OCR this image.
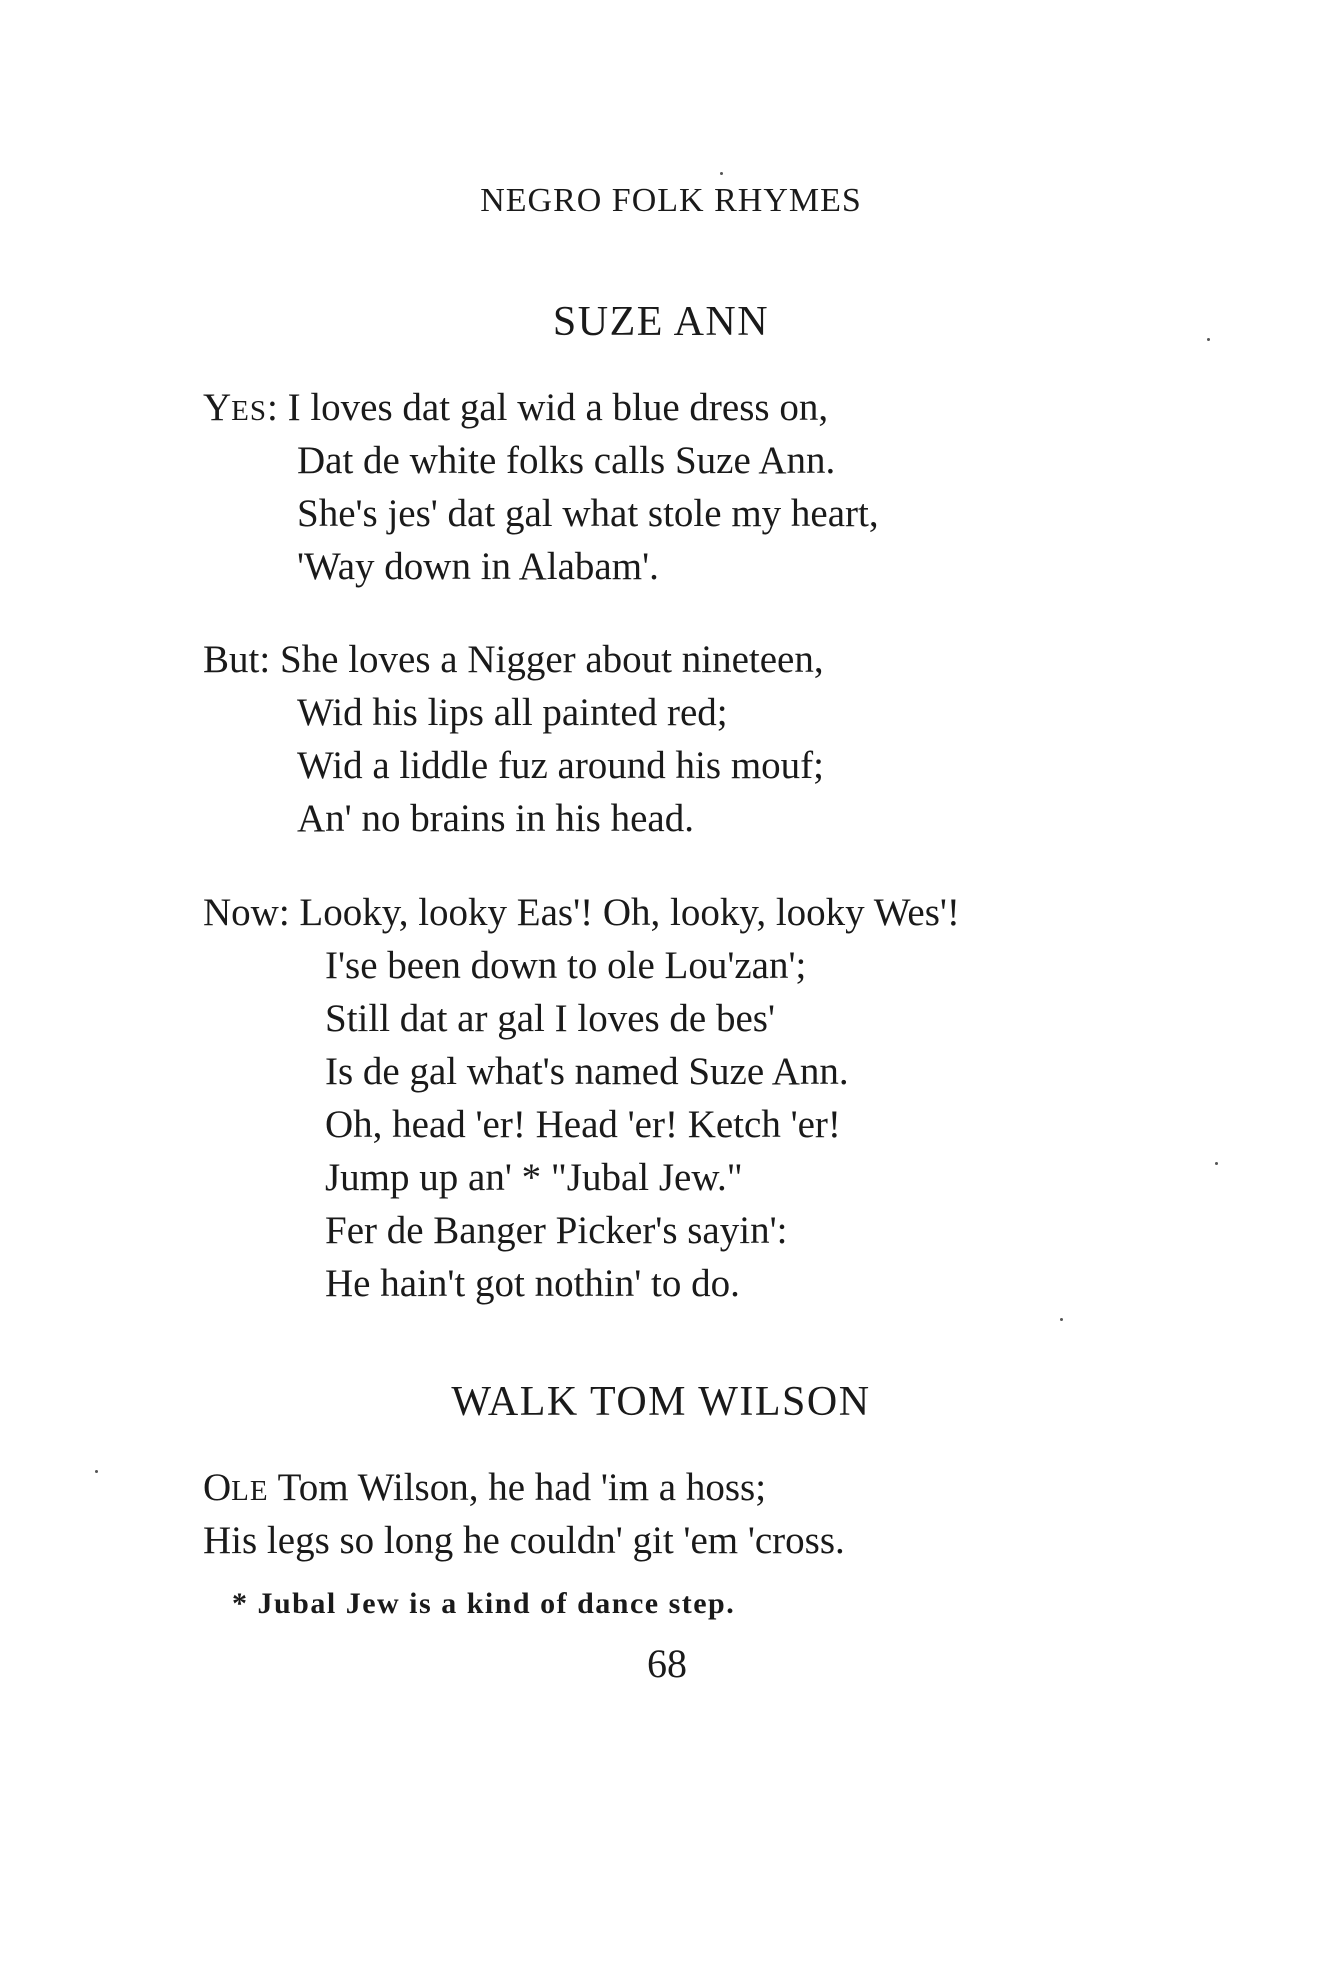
NEGRO FOLK RHYMES
SUZE ANN
YES: I loves dat gal wid a blue dress on,
Dat de white folks calls Suze Ann.
She's jes' dat gal what stole my heart,
'Way down in Alabam'.
But: She loves a Nigger about nineteen,
Wid his lips all painted red;
Wid a liddle fuz around his mouf;
An' no brains in his head.
Now: Looky, looky Eas'! Oh, looky, looky Wes'!
I'se been down to ole Lou'zan';
Still dat ar gal I loves de bes'
Is de gal what's named Suze Ann.
Oh, head 'er! Head 'er! Ketch 'er!
Jump up an' * "Jubal Jew."
Fer de Banger Picker's sayin':
He hain't got nothin' to do.
WALK TOM WILSON
OLE Tom Wilson, he had 'im a hoss;
His legs so long he couldn' git 'em 'cross.
* Jubal Jew is a kind of dance step.
68
